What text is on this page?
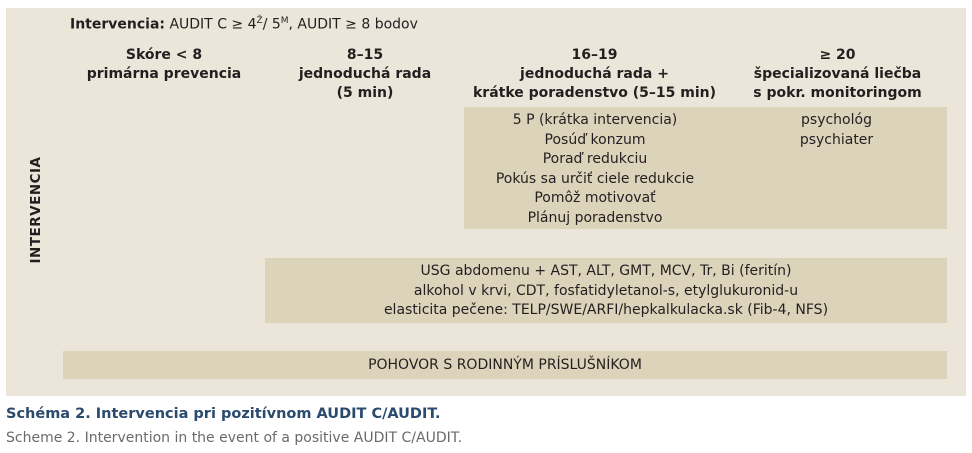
Intervencia: AUDIT $C \ge 4^Ž/$ $5^M$, AUDIT ≥ 8 bodov
Skóre < 8
primárna prevencia
8–15
jednoduchá rada
(5 min)
16–19
jednoduchá rada +
krátke poradenstvo (5–15 min)
≥ 20
špecializovaná liečba
s pokr. monitoringom
INTERVENCIA
5 P (krátka intervencia)
Posúď konzum
Poraď redukciu
Pokús sa určiť ciele redukcie
Pomôž motivovať
Plánuj poradenstvo
psychológ
psychiater
USG abdomenu + AST, ALT, GMT, MCV, Tr, Bi (feritín)
alkohol v krvi, CDT, fosfatidyletanol-s, etylglukuronid-u
elasticita pečene: TELP/SWE/ARFI/hepkalkulacka.sk (Fib-4, NFS)
POHOVOR S RODINNÝM PRÍSLUŠNÍKOM
Schéma 2. Intervencia pri pozitívnom AUDIT C/AUDIT.
Scheme 2. Intervention in the event of a positive AUDIT C/AUDIT.
